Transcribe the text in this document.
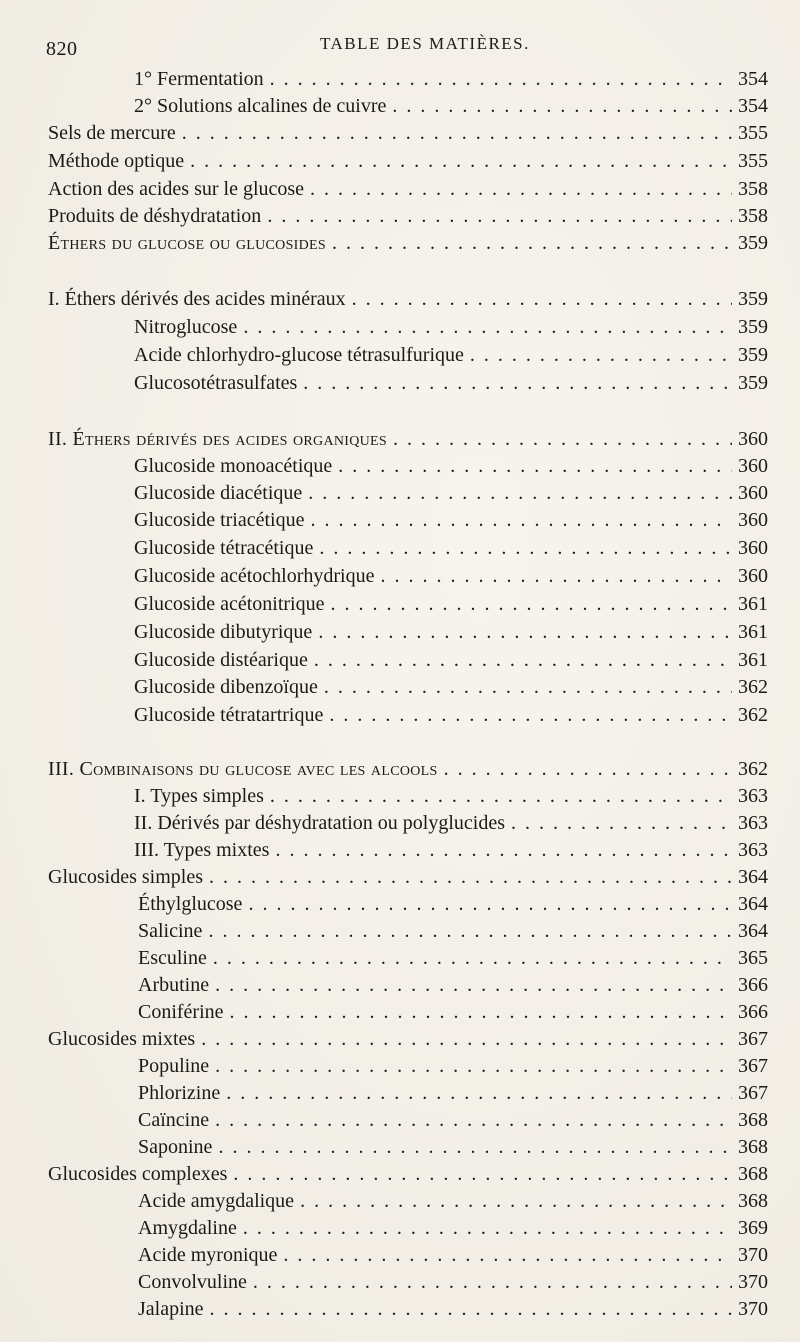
820	TABLE DES MATIÈRES.
1° Fermentation . . .	354
2° Solutions alcalines de cuivre . . .	354
Sels de mercure . . .	355
Méthode optique . . .	355
Action des acides sur le glucose . . .	358
Produits de déshydratation . . .	358
Éthers du glucose ou glucosides . . .	359
I. Éthers dérivés des acides minéraux . . .	359
Nitroglucose . . .	359
Acide chlorhydro-glucose tétrasulfurique . . .	359
Glucosotétrasulfates . . .	359
II. Éthers dérivés des acides organiques . . .	360
Glucoside monoacétique . . .	360
Glucoside diacétique . . .	360
Glucoside triacétique . . .	360
Glucoside tétracétique . . .	360
Glucoside acétochlorhydrique . . .	360
Glucoside acétonitrique . . .	361
Glucoside dibutyrique . . .	361
Glucoside distéarique . . .	361
Glucoside dibenzoïque . . .	362
Glucoside tétratartrique . . .	362
III. Combinaisons du glucose avec les alcools . . .	362
I. Types simples . . .	363
II. Dérivés par déshydratation ou polyglucides . . .	363
III. Types mixtes . . .	363
Glucosides simples . . .	364
Éthylglucose . . .	364
Salicine . . .	364
Esculine . . .	365
Arbutine . . .	366
Coniférine . . .	366
Glucosides mixtes . . .	367
Populine . . .	367
Phlorizine . . .	367
Caïncine . . .	368
Saponine . . .	368
Glucosides complexes . . .	368
Acide amygdalique . . .	368
Amygdaline . . .	369
Acide myronique . . .	370
Convolvuline . . .	370
Jalapine . . .	370
